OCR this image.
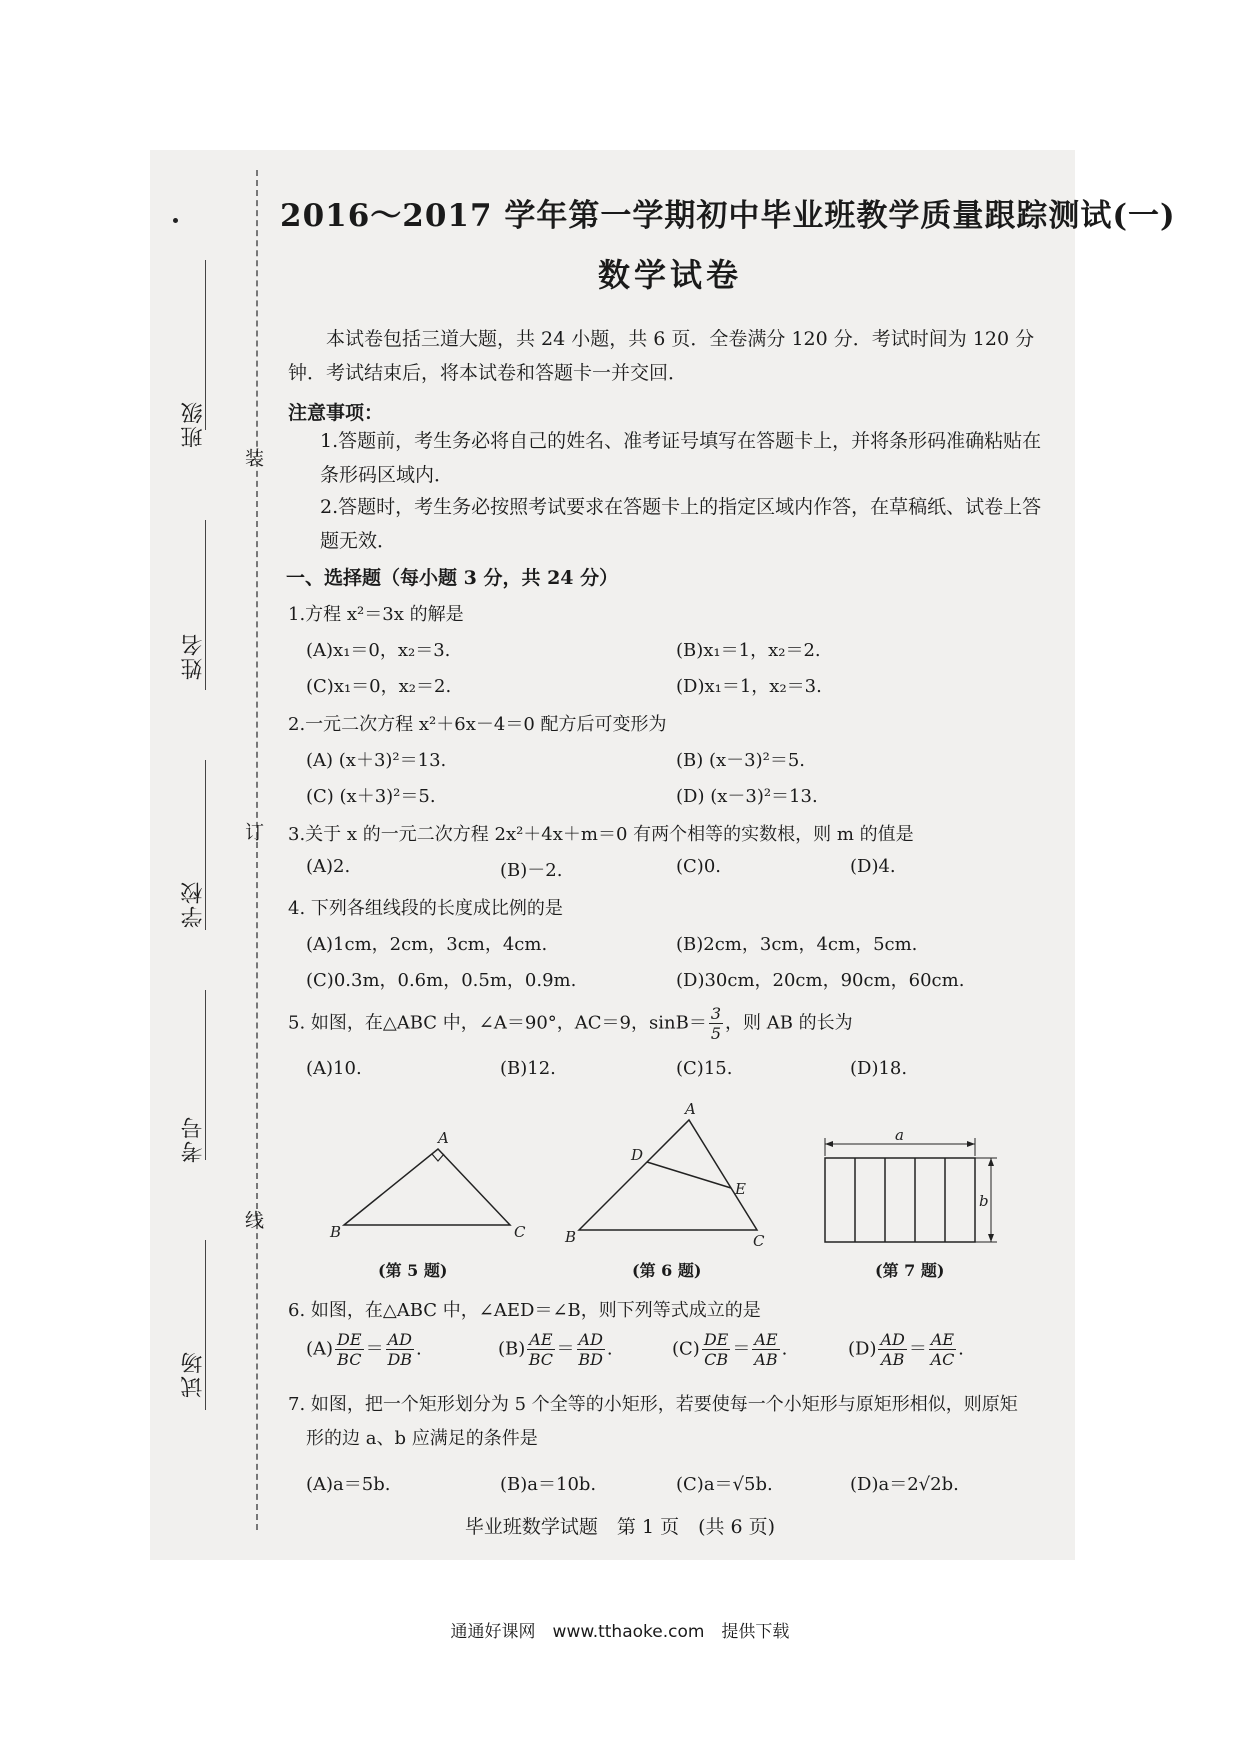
班级
姓名
学校
考号
试场
装
订
线
2016～2017 学年第一学期初中毕业班教学质量跟踪测试(一)
数学试卷
本试卷包括三道大题，共 24 小题，共 6 页．全卷满分 120 分．考试时间为 120 分钟．考试结束后，将本试卷和答题卡一并交回．
注意事项：
1.答题前，考生务必将自己的姓名、准考证号填写在答题卡上，并将条形码准确粘贴在条形码区域内．
2.答题时，考生务必按照考试要求在答题卡上的指定区域内作答，在草稿纸、试卷上答题无效．
一、选择题（每小题 3 分，共 24 分）
1.方程 x²＝3x 的解是
(A)x₁＝0，x₂＝3.	(B)x₁＝1，x₂＝2.
(C)x₁＝0，x₂＝2.	(D)x₁＝1，x₂＝3.
2.一元二次方程 x²＋6x－4＝0 配方后可变形为
(A) (x＋3)²＝13.	(B) (x－3)²＝5.
(C) (x＋3)²＝5.	(D) (x－3)²＝13.
3.关于 x 的一元二次方程 2x²＋4x＋m＝0 有两个相等的实数根，则 m 的值是
(A)2.	(B)－2.	(C)0.	(D)4.
4. 下列各组线段的长度成比例的是
(A)1cm，2cm，3cm，4cm.	(B)2cm，3cm，4cm，5cm.
(C)0.3m，0.6m，0.5m，0.9m.	(D)30cm，20cm，90cm，60cm.
5. 如图，在△ABC 中，∠A＝90°，AC＝9，$\sin B= \frac{3}{5}$ ，则 AB 的长为
(A)10.	(B)12.	(C)15.	(D)18.
A
B	C
A
B	C
D
E
a
b
(第 5 题)	(第 6 题)	(第 7 题)
6. 如图，在△ABC 中，∠AED＝∠B，则下列等式成立的是
$(A) \frac{DE}{BC} = \frac{AD}{DB}$ .	$(B) \frac{AE}{BC} = \frac{AD}{BD}$ .	$(C) \frac{DE}{CB} = \frac{AE}{AB}$ .	$(D) \frac{AD}{AB} = \frac{AE}{AC}$ .
7. 如图，把一个矩形划分为 5 个全等的小矩形，若要使每一个小矩形与原矩形相似，则原矩
形的边 a、b 应满足的条件是
(A)a＝5b.	(B)a＝10b.	(C)a＝√5b.	(D)a＝2√2b.
毕业班数学试题　第 1 页　(共 6 页)
通通好课网　www.tthaoke.com　提供下载
